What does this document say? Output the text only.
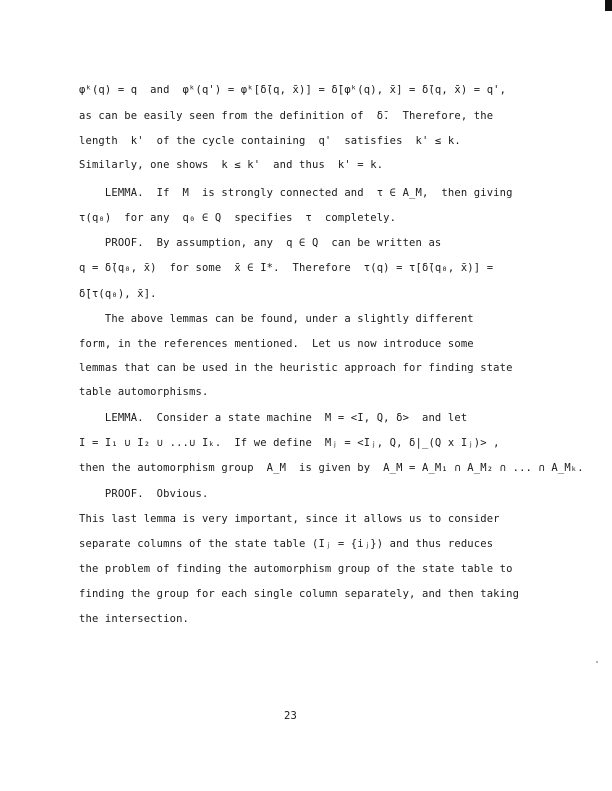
φᵏ(q) = q  and  φᵏ(q') = φᵏ[δ̄(q, x̄)] = δ̄[φᵏ(q), x̄] = δ̄(q, x̄) = q',
as can be easily seen from the definition of  δ̄.  Therefore, the
length  k'  of the cycle containing  q'  satisfies  k' ≤ k.
Similarly, one shows  k ≤ k'  and thus  k' = k.
LEMMA.  If  M  is strongly connected and  τ ∈ A_M,  then giving
τ(q₀)  for any  q₀ ∈ Q  specifies  τ  completely.
PROOF.  By assumption, any  q ∈ Q  can be written as
q = δ̄(q₀, x̄)  for some  x̄ ∈ I*.  Therefore  τ(q) = τ[δ̄(q₀, x̄)] =
δ̄[τ(q₀), x̄].
The above lemmas can be found, under a slightly different
form, in the references mentioned.  Let us now introduce some
lemmas that can be used in the heuristic approach for finding state
table automorphisms.
LEMMA.  Consider a state machine  M = <I, Q, δ>  and let
I = I₁ ∪ I₂ ∪ ...∪ Iₖ.  If we define  Mⱼ = <Iⱼ, Q, δ|_(Q x Iⱼ)> ,
then the automorphism group  A_M  is given by  A_M = A_M₁ ∩ A_M₂ ∩ ... ∩ A_Mₖ.
PROOF.  Obvious.
This last lemma is very important, since it allows us to consider
separate columns of the state table (Iⱼ = {iⱼ}) and thus reduces
the problem of finding the automorphism group of the state table to
finding the group for each single column separately, and then taking
the intersection.
23
